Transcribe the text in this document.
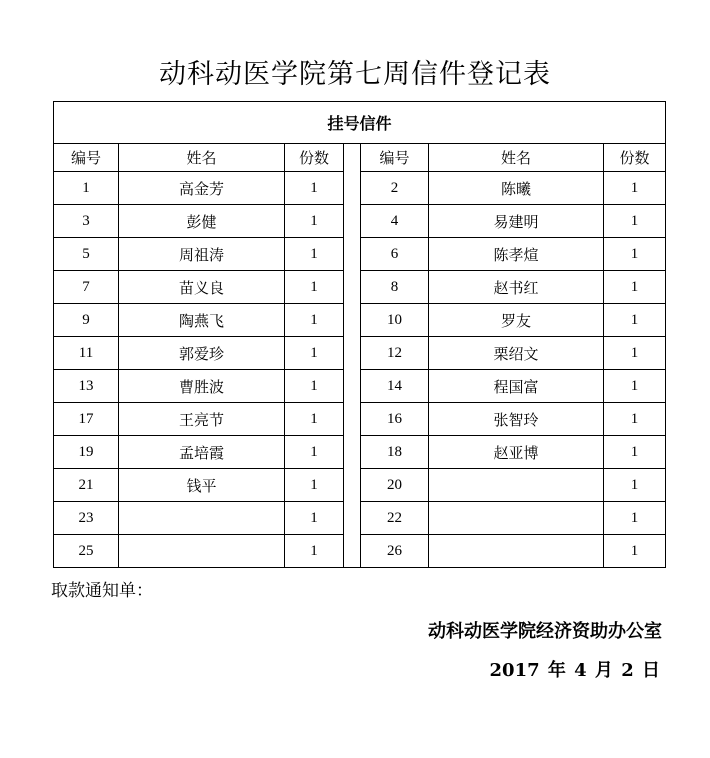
动科动医学院第七周信件登记表
挂号信件						
编号	姓名	份数		编号	姓名	份数
1	高金芳	1		2	陈曦	1
3	彭健	1		4	易建明	1
5	周祖涛	1		6	陈孝煊	1
7	苗义良	1		8	赵书红	1
9	陶燕飞	1		10	罗友	1
11	郭爱珍	1		12	栗绍文	1
13	曹胜波	1		14	程国富	1
17	王亮节	1		16	张智玲	1
19	孟培霞	1		18	赵亚博	1
21	钱平	1		20		1
23		1		22		1
25		1		26		1
取款通知单：
动科动医学院经济资助办公室
2017 年 4 月 2 日
